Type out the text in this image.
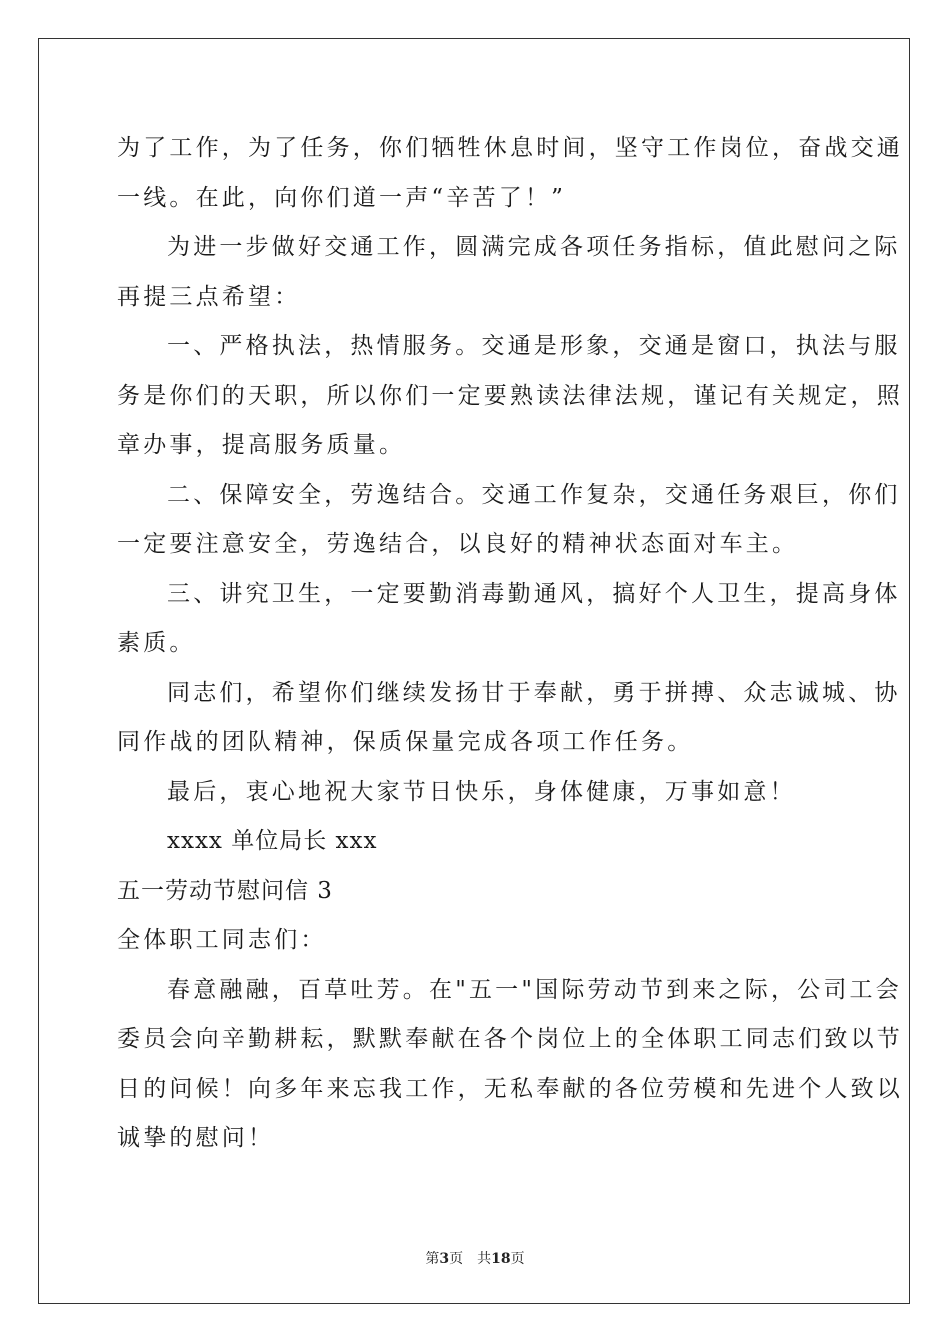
为了工作，为了任务，你们牺牲休息时间，坚守工作岗位，奋战交通
一线。在此，向你们道一声“辛苦了！”
为进一步做好交通工作，圆满完成各项任务指标，值此慰问之际
再提三点希望：
一、严格执法，热情服务。交通是形象，交通是窗口，执法与服
务是你们的天职，所以你们一定要熟读法律法规，谨记有关规定，照
章办事，提高服务质量。
二、保障安全，劳逸结合。交通工作复杂，交通任务艰巨，你们
一定要注意安全，劳逸结合，以良好的精神状态面对车主。
三、讲究卫生，一定要勤消毒勤通风，搞好个人卫生，提高身体
素质。
同志们，希望你们继续发扬甘于奉献，勇于拼搏、众志诚城、协
同作战的团队精神，保质保量完成各项工作任务。
最后，衷心地祝大家节日快乐，身体健康，万事如意！
xxxx 单位局长 xxx
五一劳动节慰问信 3
全体职工同志们：
春意融融，百草吐芳。在"五一"国际劳动节到来之际，公司工会
委员会向辛勤耕耘，默默奉献在各个岗位上的全体职工同志们致以节
日的问候！向多年来忘我工作，无私奉献的各位劳模和先进个人致以
诚挚的慰问！
第3页 共18页
